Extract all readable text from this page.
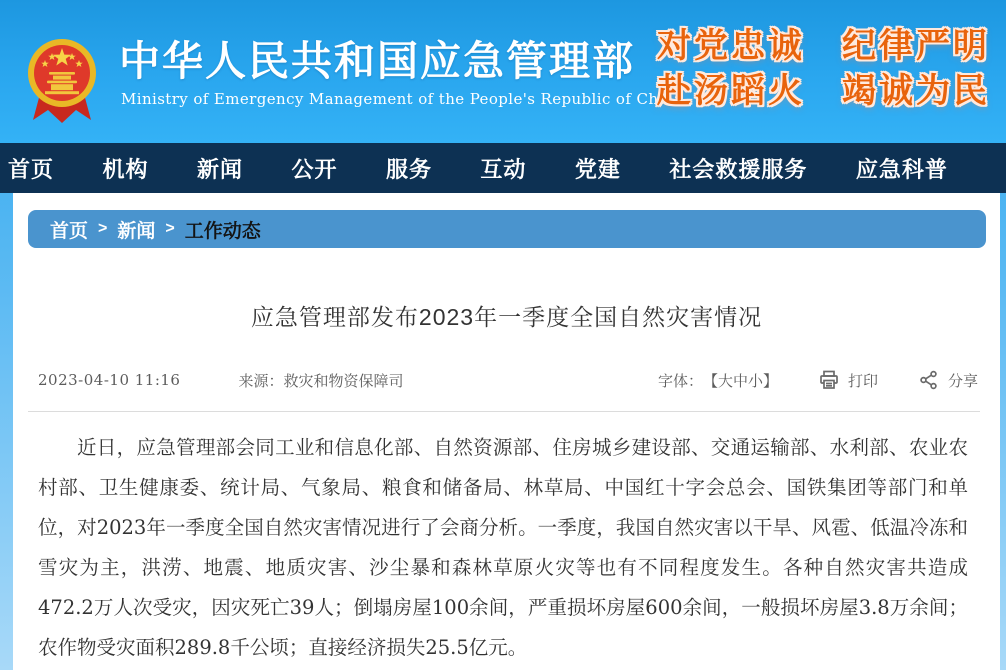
中华人民共和国应急管理部
Ministry of Emergency Management of the People's Republic of China
对党忠诚　纪律严明
赴汤蹈火　竭诚为民
首页 机构 新闻 公开 服务 互动 党建 社会救援服务 应急科普
首页 > 新闻 > 工作动态
应急管理部发布2023年一季度全国自然灾害情况
2023-04-10 11:16	来源：救灾和物资保障司	字体： 【大中小】	打印	分享

近日，应急管理部会同工业和信息化部、自然资源部、住房城乡建设部、交通运输部、水利部、农业农村部、卫生健康委、统计局、气象局、粮食和储备局、林草局、中国红十字会总会、国铁集团等部门和单位，对2023年一季度全国自然灾害情况进行了会商分析。一季度，我国自然灾害以干旱、风雹、低温冷冻和雪灾为主，洪涝、地震、地质灾害、沙尘暴和森林草原火灾等也有不同程度发生。各种自然灾害共造成472.2万人次受灾，因灾死亡39人；倒塌房屋100余间，严重损坏房屋600余间，一般损坏房屋3.8万余间；农作物受灾面积289.8千公顷；直接经济损失25.5亿元。
